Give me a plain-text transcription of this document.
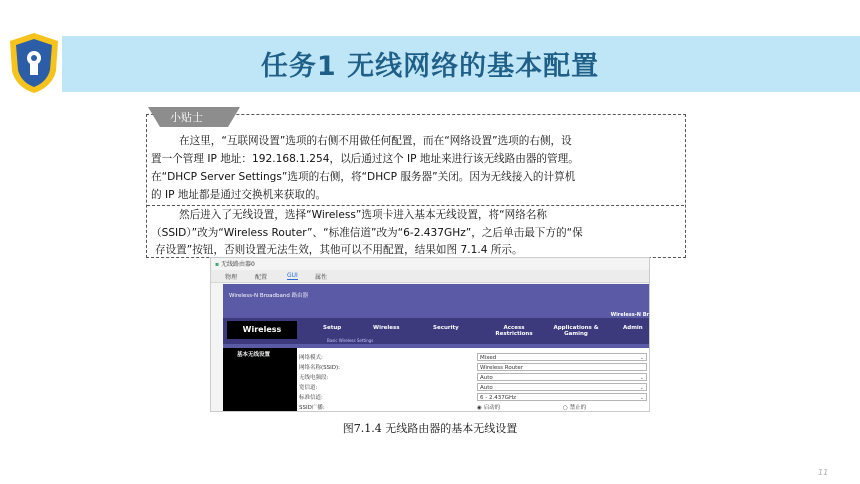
任务1 无线网络的基本配置
小贴士
在这里，“互联网设置”选项的右侧不用做任何配置，而在“网络设置”选项的右侧，设
置一个管理 IP 地址：192.168.1.254，以后通过这个 IP 地址来进行该无线路由器的管理。
在“DHCP Server Settings”选项的右侧，将“DHCP 服务器”关闭。因为无线接入的计算机
的 IP 地址都是通过交换机来获取的。
然后进入了无线设置，选择“Wireless”选项卡进入基本无线设置，将“网络名称
（SSID）”改为“Wireless Router”、“标准信道”改为“6-2.437GHz”，之后单击最下方的“保
存设置”按钮，否则设置无法生效，其他可以不用配置，结果如图 7.1.4 所示。
▪ 无线路由器0
物理	配置	GUI	属性
Wireless-N Broadband 路由器
Wireless-N Br
Wireless	Setup	Wireless	Security	Access Restrictions
Applications & Gaming
Admin
Basic Wireless Settings
基本无线设置	网络模式:	Mixed	⌄
网络名称(SSID):	Wireless Router
无线电频段:	Auto	⌄
宽信道:	Auto	⌄
标准信道:	6 - 2.437GHz	⌄
SSID广播:	◉ 启动的	○ 禁止的
图7.1.4 无线路由器的基本无线设置
11
